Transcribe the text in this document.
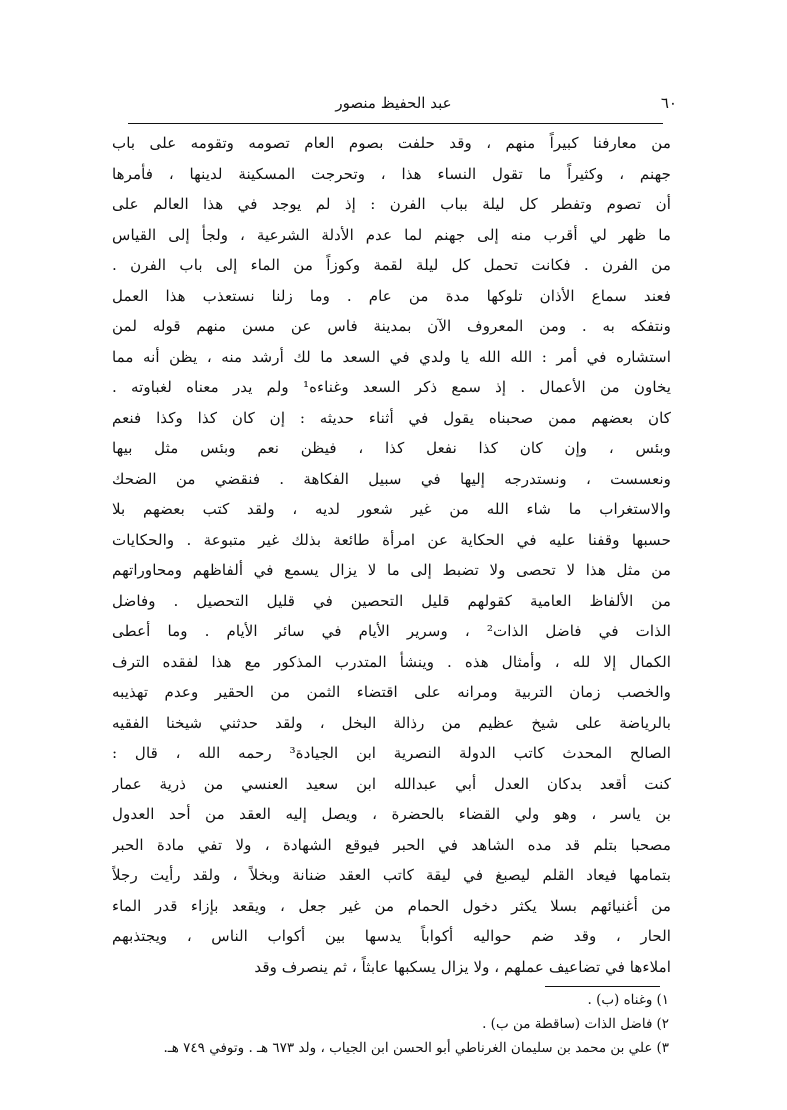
٦٠
عبد الحفيظ منصور
من معارفنا كبيراً منهم ، وقد حلفت بصوم العام تصومه وتقومه على باب
جهنم ، وكثيراً ما تقول النساء هذا ، وتحرجت المسكينة لدينها ، فأمرها
أن تصوم وتفطر كل ليلة بباب الفرن : إذ لم يوجد في هذا العالم على
ما ظهر لي أقرب منه إلى جهنم لما عدم الأدلة الشرعية ، ولجأ إلى القياس
من الفرن . فكانت تحمل كل ليلة لقمة وكوزاً من الماء إلى باب الفرن .
فعند سماع الأذان تلوكها مدة من عام . وما زلنا نستعذب هذا العمل
ونتفكه به . ومن المعروف الآن بمدينة فاس عن مسن منهم قوله لمن
استشاره في أمر : الله الله يا ولدي في السعد ما لك أرشد منه ، يظن أنه مما
يخاون من الأعمال . إذ سمع ذكر السعد وغناءه¹ ولم يدر معناه لغباوته .
كان بعضهم ممن صحبناه يقول في أثناء حديثه : إن كان كذا وكذا فنعم
وبئس ، وإن كان كذا نفعل كذا ، فيظن نعم وبئس مثل بيها
ونعسست ، ونستدرجه إليها في سبيل الفكاهة . فنقضي من الضحك
والاستغراب ما شاء الله من غير شعور لديه ، ولقد كتب بعضهم بلا
حسبها وقفنا عليه في الحكاية عن امرأة طائعة بذلك غير متبوعة . والحكايات
من مثل هذا لا تحصى ولا تضبط إلى ما لا يزال يسمع في ألفاظهم ومحاوراتهم
من الألفاظ العامية كقولهم قليل التحصين في قليل التحصيل . وفاضل
الذات في فاضل الذات² ، وسرير الأيام في سائر الأيام . وما أعطى
الكمال إلا لله ، وأمثال هذه . وينشأ المتدرب المذكور مع هذا لفقده الترف
والخصب زمان التربية ومرانه على اقتضاء الثمن من الحقير وعدم تهذيبه
بالرياضة على شيخ عظيم من رذالة البخل ، ولقد حدثني شيخنا الفقيه
الصالح المحدث كاتب الدولة النصرية ابن الجيادة³ رحمه الله ، قال :
كنت أقعد بدكان العدل أبي عبدالله ابن سعيد العنسي من ذرية عمار
بن ياسر ، وهو ولي القضاء بالحضرة ، ويصل إليه العقد من أحد العدول
مصحبا بتلم قد مده الشاهد في الحبر فيوقع الشهادة ، ولا تفي مادة الحبر
بتمامها فيعاد القلم ليصبغ في ليقة كاتب العقد ضنانة وبخلاً ، ولقد رأيت رجلاً
من أغنيائهم بسلا يكثر دخول الحمام من غير جعل ، ويقعد بإزاء قدر الماء
الحار ، وقد ضم حواليه أكواباً يدسها بين أكواب الناس ، ويجتذبهم
املاءها في تضاعيف عملهم ، ولا يزال يسكبها عابثاً ، ثم ينصرف وقد
١)وغناه (ب) .
٢)فاضل الذات (ساقطة من ب) .
٣)علي بن محمد بن سليمان الغرناطي أبو الحسن ابن الجياب ، ولد ٦٧٣ هـ . وتوفي ٧٤٩ هـ.
